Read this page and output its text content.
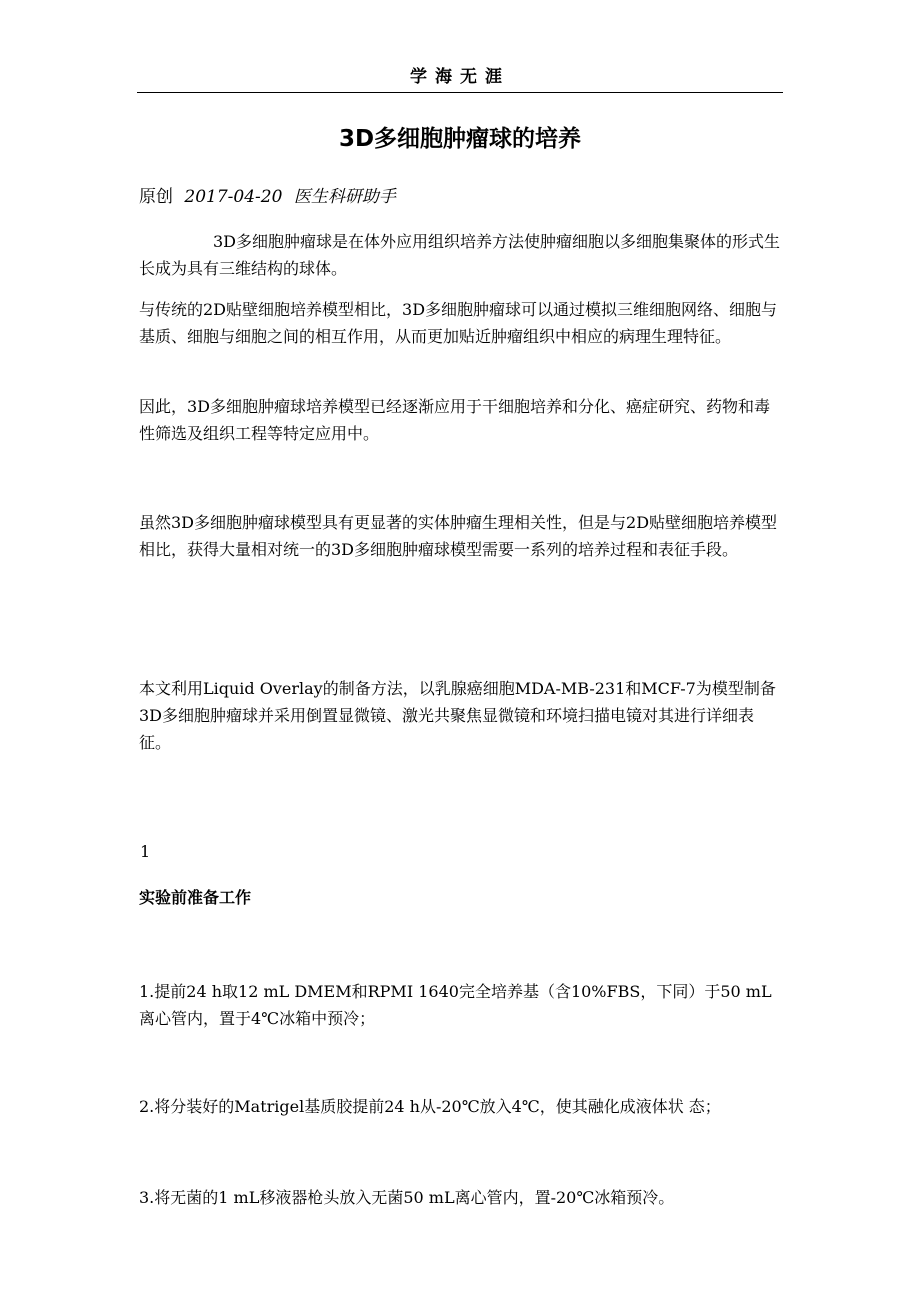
学海无涯
3D多细胞肿瘤球的培养
原创 2017-04-20 医生科研助手

3D多细胞肿瘤球是在体外应用组织培养方法使肿瘤细胞以多细胞集聚体的形式生长成为具有三维结构的球体。

与传统的2D贴壁细胞培养模型相比，3D多细胞肿瘤球可以通过模拟三维细胞网络、细胞与基质、细胞与细胞之间的相互作用，从而更加贴近肿瘤组织中相应的病理生理特征。

因此，3D多细胞肿瘤球培养模型已经逐渐应用于干细胞培养和分化、癌症研究、药物和毒性筛选及组织工程等特定应用中。

虽然3D多细胞肿瘤球模型具有更显著的实体肿瘤生理相关性，但是与2D贴壁细胞培养模型相比，获得大量相对统一的3D多细胞肿瘤球模型需要一系列的培养过程和表征手段。

本文利用Liquid Overlay的制备方法，以乳腺癌细胞MDA-MB-231和MCF-7为模型制备3D多细胞肿瘤球并采用倒置显微镜、激光共聚焦显微镜和环境扫描电镜对其进行详细表征。

1
实验前准备工作

1.提前24 h取12 mL DMEM和RPMI 1640完全培养基（含10%FBS，下同）于50 mL离心管内，置于4℃冰箱中预冷；

2.将分装好的Matrigel基质胶提前24 h从-20℃放入4℃，使其融化成液体状 态；

3.将无菌的1 mL移液器枪头放入无菌50 mL离心管内，置-20℃冰箱预冷。
